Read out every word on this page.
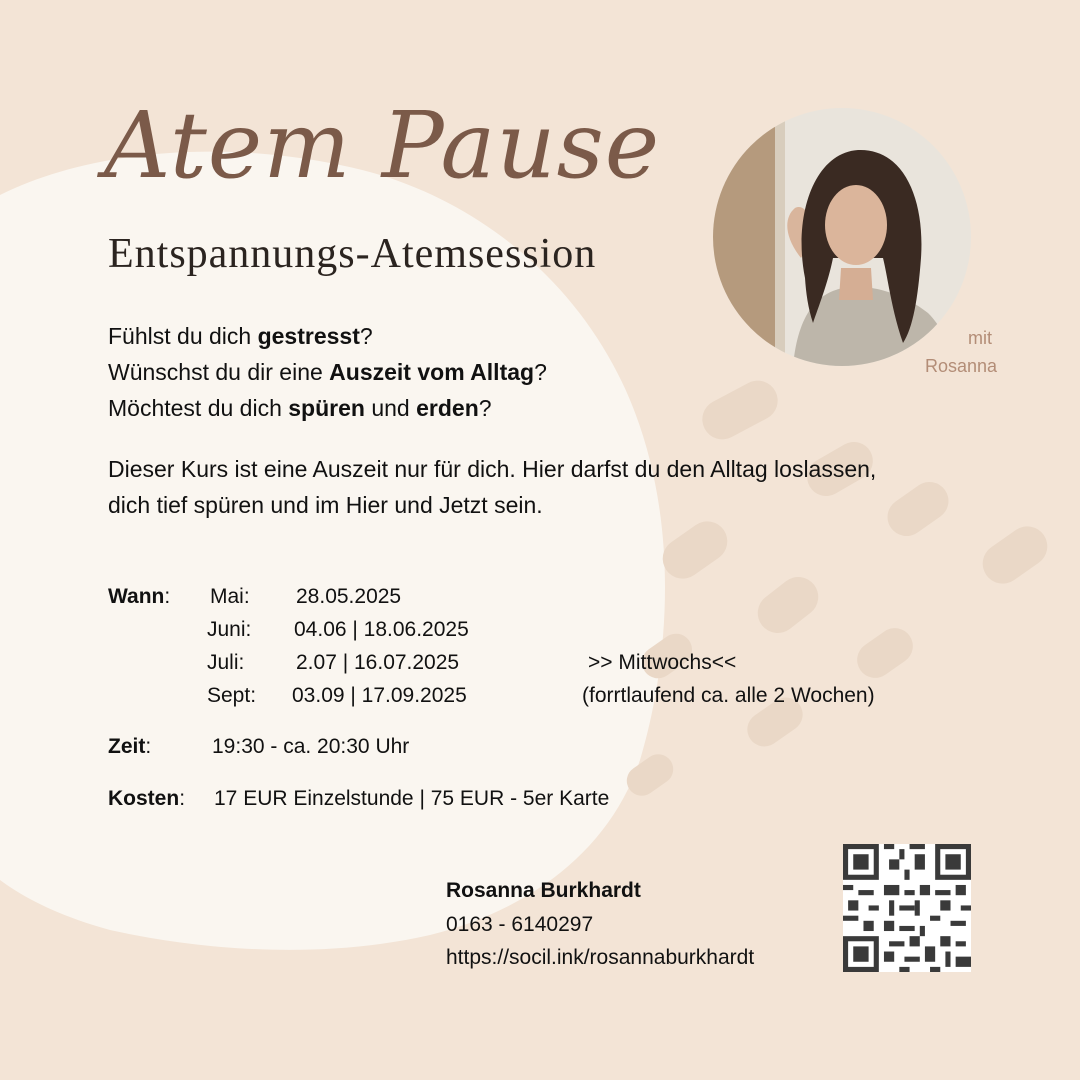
Atem Pause
Entspannungs-Atemsession
mit
Rosanna
Fühlst du dich gestresst?
Wünschst du dir eine Auszeit vom Alltag?
Möchtest du dich spüren und erden?
Dieser Kurs ist eine Auszeit nur für dich. Hier darfst du den Alltag loslassen,
dich tief spüren und im Hier und Jetzt sein.
Wann: Mai: 28.05.2025
Juni: 04.06 | 18.06.2025
Juli: 2.07 | 16.07.2025
Sept: 03.09 | 17.09.2025
>> Mittwochs<<
(forrtlaufend ca. alle 2 Wochen)
Zeit:	19:30 - ca. 20:30 Uhr
Kosten: 17 EUR Einzelstunde | 75 EUR - 5er Karte
Rosanna Burkhardt
0163 - 6140297
https://socil.ink/rosannaburkhardt
